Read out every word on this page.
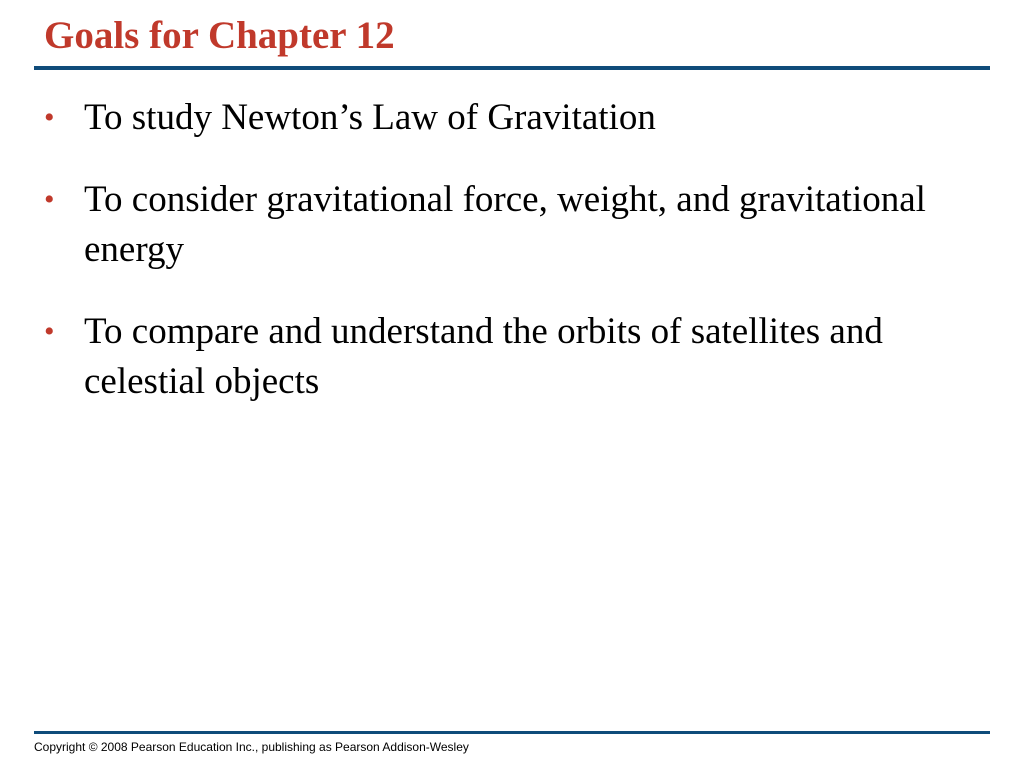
Goals for Chapter 12
• To study Newton’s Law of Gravitation
• To consider gravitational force, weight, and gravitational energy
• To compare and understand the orbits of satellites and celestial objects

Copyright © 2008 Pearson Education Inc., publishing as Pearson Addison-Wesley
